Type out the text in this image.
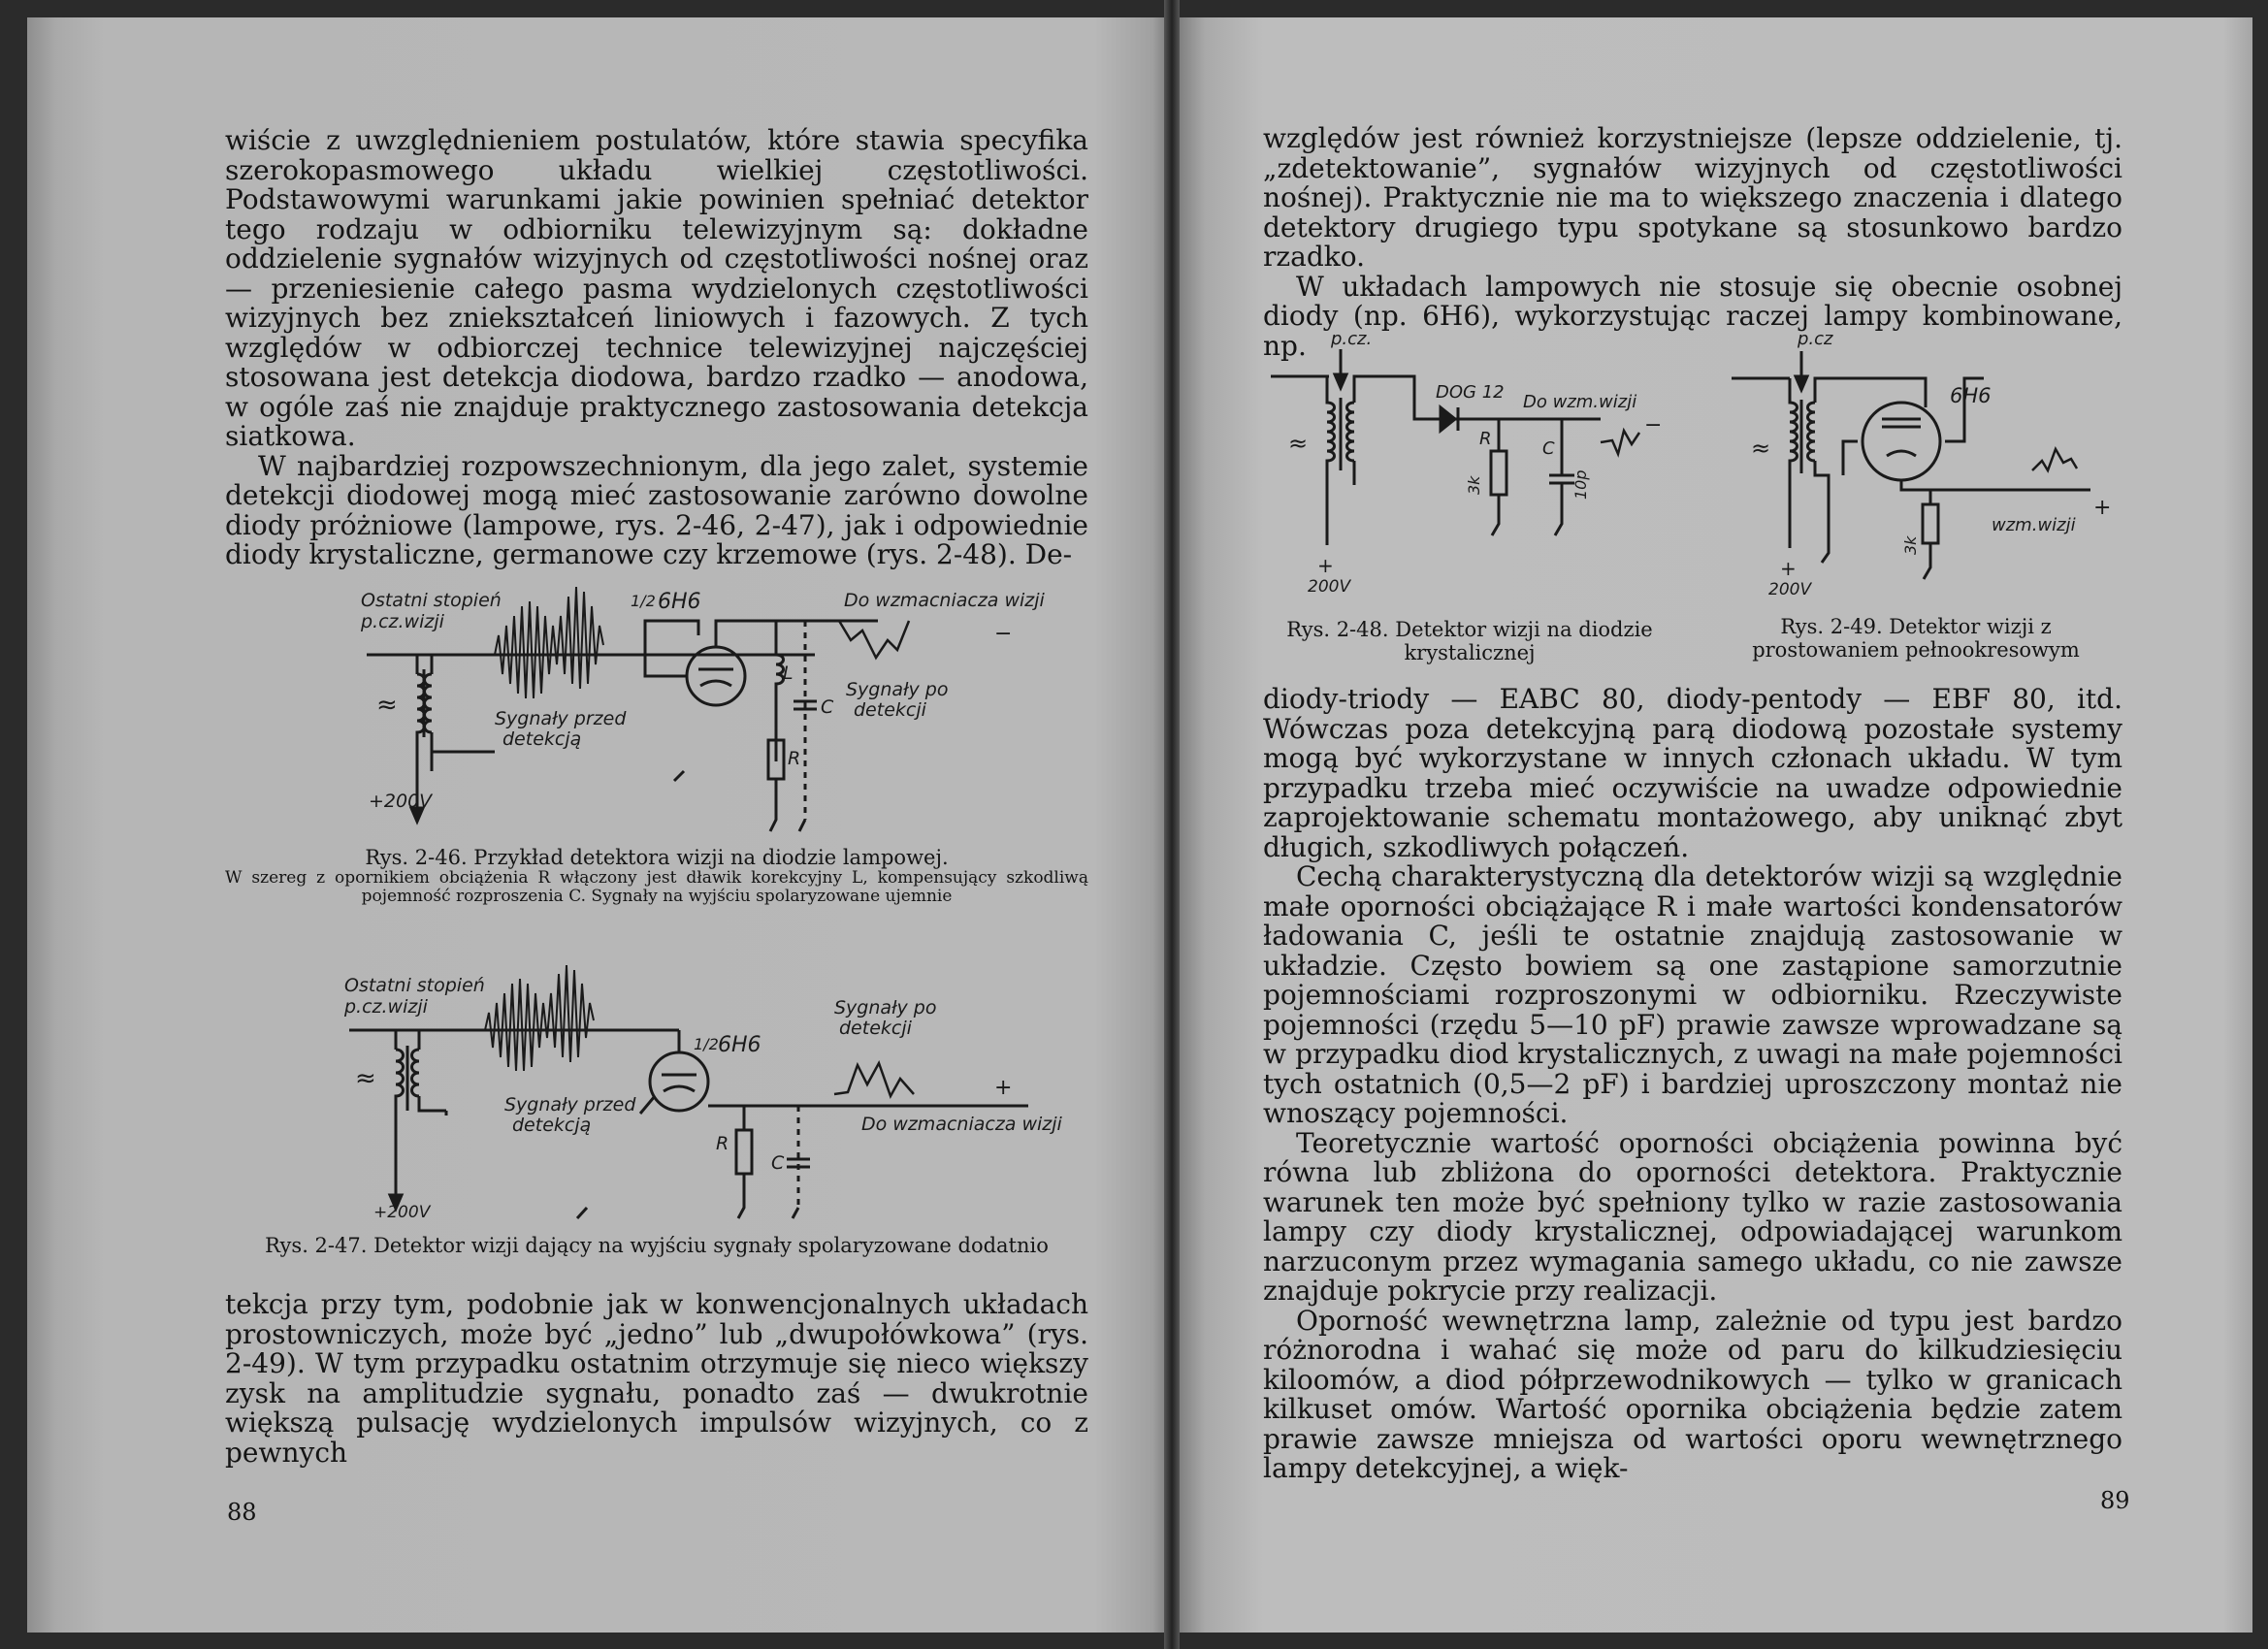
wiście z uwzględnieniem postulatów, które stawia specyfika szerokopasmowego układu wielkiej częstotliwości. Podstawowymi warunkami jakie powinien spełniać detektor tego rodzaju w odbiorniku telewizyjnym są: dokładne oddzielenie sygnałów wizyjnych od częstotliwości nośnej oraz — przeniesienie całego pasma wydzielonych częstotliwości wizyjnych bez zniekształceń liniowych i fazowych. Z tych względów w odbiorczej technice telewizyjnej najczęściej stosowana jest detekcja diodowa, bardzo rzadko — anodowa, w ogóle zaś nie znajduje praktycznego zastosowania detekcja siatkowa.

W najbardziej rozpowszechnionym, dla jego zalet, systemie detekcji diodowej mogą mieć zastosowanie zarówno dowolne diody próżniowe (lampowe, rys. 2-46, 2-47), jak i odpowiednie diody krystaliczne, germanowe czy krzemowe (rys. 2-48). De-

Ostatni stopień
p.cz.wizji
1/2 6H6	Do wzmacniacza wizji
Sygnały przed
detekcją
Sygnały po
detekcji
L
C
R
+200V
−
≈
Rys. 2-46. Przykład detektora wizji na diodzie lampowej.
W szereg z opornikiem obciążenia R włączony jest dławik korekcyjny L, kompensujący szkodliwą pojemność rozproszenia C. Sygnały na wyjściu spolaryzowane ujemnie
Ostatni stopień
p.cz.wizji
1/2 6H6
Sygnały przed
detekcją
Sygnały po
detekcji
Do wzmacniacza wizji
R
C
+200V
+
≈
Rys. 2-47. Detektor wizji dający na wyjściu sygnały spolaryzowane dodatnio

tekcja przy tym, podobnie jak w konwencjonalnych układach prostowniczych, może być „jedno” lub „dwupołówkowa” (rys. 2-49). W tym przypadku ostatnim otrzymuje się nieco większy zysk na amplitudzie sygnału, ponadto zaś — dwukrotnie większą pulsację wydzielonych impulsów wizyjnych, co z pewnych

88

względów jest również korzystniejsze (lepsze oddzielenie, tj. „zdetektowanie”, sygnałów wizyjnych od częstotliwości nośnej). Praktycznie nie ma to większego znaczenia i dlatego detektory drugiego typu spotykane są stosunkowo bardzo rzadko.

W układach lampowych nie stosuje się obecnie osobnej diody (np. 6H6), wykorzystując raczej lampy kombinowane, np.	p.cz.
DOG 12 Do wzm.wizji
R	C
3k	10p
+
200V
−
≈
p.cz
6H6
3k
wzm.wizji
+
+
200V
≈
Rys. 2-48. Detektor wizji na diodzie krystalicznej
Rys. 2-49. Detektor wizji z prostowaniem pełnookresowym

diody-triody — EABC 80, diody-pentody — EBF 80, itd. Wówczas poza detekcyjną parą diodową pozostałe systemy mogą być wykorzystane w innych członach układu. W tym przypadku trzeba mieć oczywiście na uwadze odpowiednie zaprojektowanie schematu montażowego, aby uniknąć zbyt długich, szkodliwych połączeń.

Cechą charakterystyczną dla detektorów wizji są względnie małe oporności obciążające R i małe wartości kondensatorów ładowania C, jeśli te ostatnie znajdują zastosowanie w układzie. Często bowiem są one zastąpione samorzutnie pojemnościami rozproszonymi w odbiorniku. Rzeczywiste pojemności (rzędu 5—10 pF) prawie zawsze wprowadzane są w przypadku diod krystalicznych, z uwagi na małe pojemności tych ostatnich (0,5—2 pF) i bardziej uproszczony montaż nie wnoszący pojemności.

Teoretycznie wartość oporności obciążenia powinna być równa lub zbliżona do oporności detektora. Praktycznie warunek ten może być spełniony tylko w razie zastosowania lampy czy diody krystalicznej, odpowiadającej warunkom narzuconym przez wymagania samego układu, co nie zawsze znajduje pokrycie przy realizacji.

Oporność wewnętrzna lamp, zależnie od typu jest bardzo różnorodna i wahać się może od paru do kilkudziesięciu kiloomów, a diod półprzewodnikowych — tylko w granicach kilkuset omów. Wartość opornika obciążenia będzie zatem prawie zawsze mniejsza od wartości oporu wewnętrznego lampy detekcyjnej, a więk-

89
